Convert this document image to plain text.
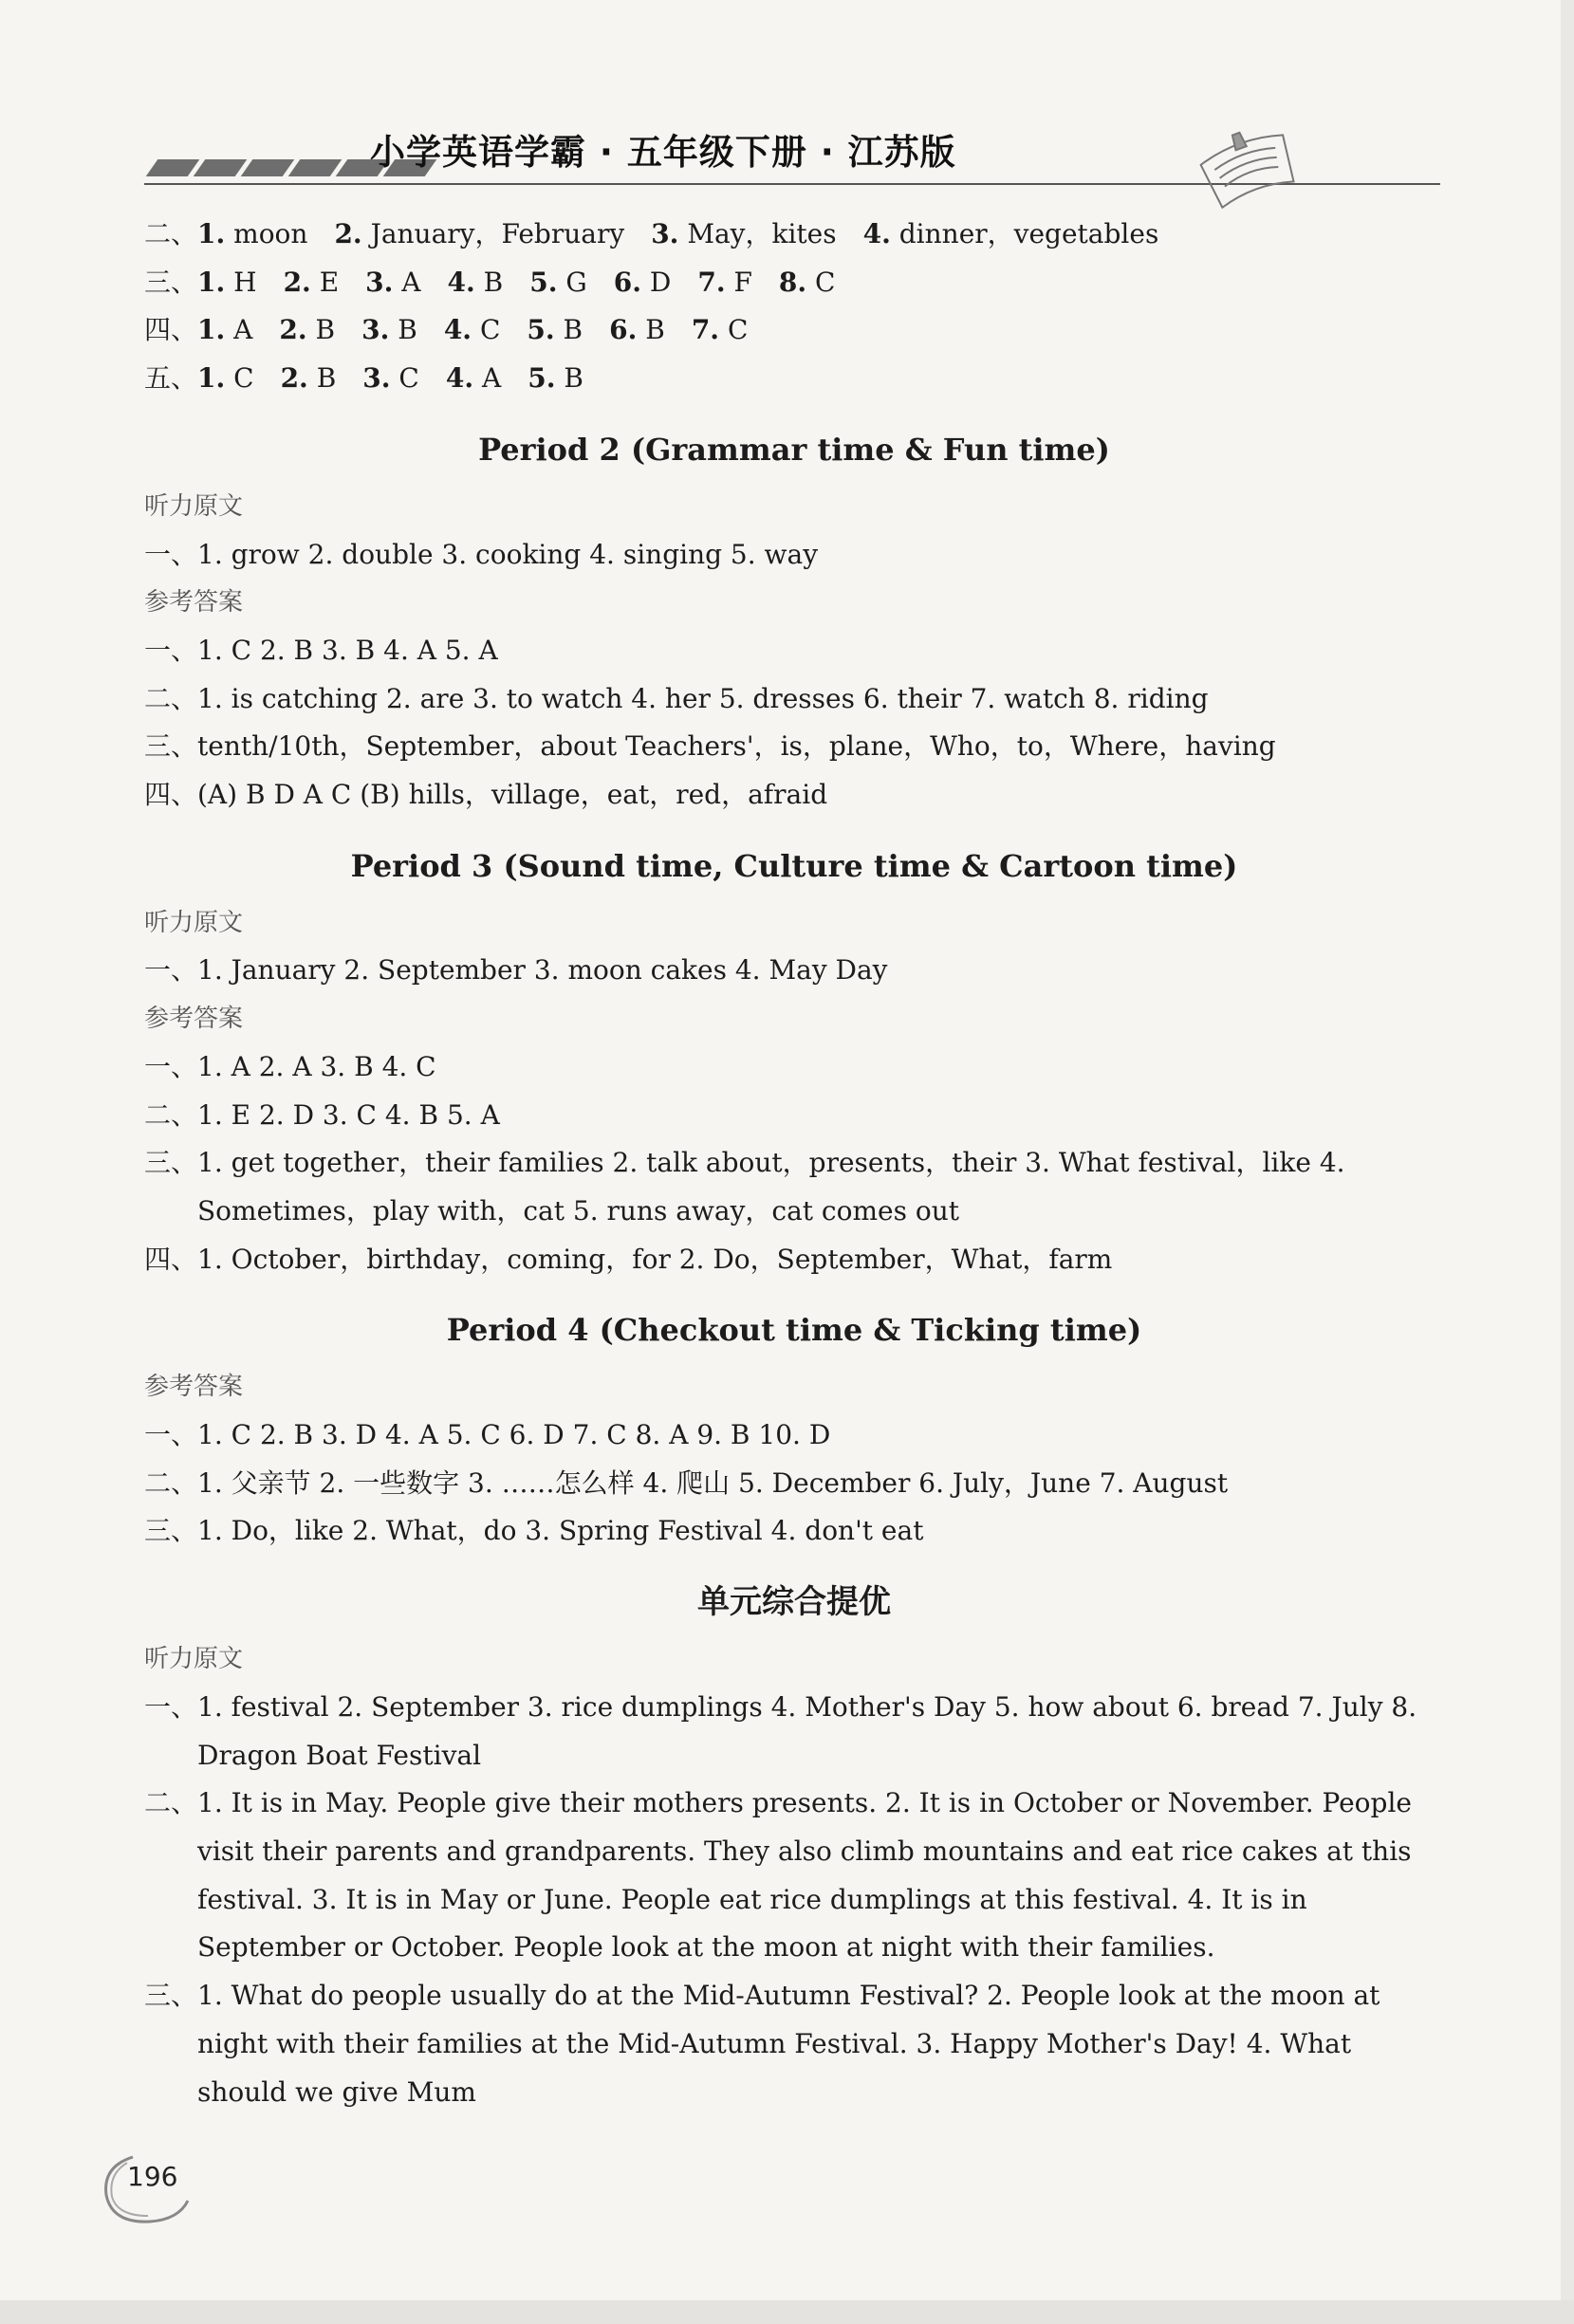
小学英语学霸 · 五年级下册 · 江苏版
二、1. moon 2. January，February 3. May，kites 4. dinner，vegetables
三、1. H 2. E 3. A 4. B 5. G 6. D 7. F 8. C
四、1. A 2. B 3. B 4. C 5. B 6. B 7. C
五、1. C 2. B 3. C 4. A 5. B
Period 2 (Grammar time & Fun time)
听力原文
一、1. grow 2. double 3. cooking 4. singing 5. way
参考答案
一、1. C 2. B 3. B 4. A 5. A
二、1. is catching 2. are 3. to watch 4. her 5. dresses 6. their 7. watch 8. riding
三、tenth/10th，September，about Teachers'，is，plane，Who，to，Where，having
四、(A) B D A C (B) hills，village，eat，red，afraid
Period 3 (Sound time, Culture time & Cartoon time)
听力原文
一、1. January 2. September 3. moon cakes 4. May Day
参考答案
一、1. A 2. A 3. B 4. C
二、1. E 2. D 3. C 4. B 5. A
三、1. get together，their families 2. talk about，presents，their 3. What festival，like 4. Sometimes，play with，cat 5. runs away，cat comes out
四、1. October，birthday，coming，for 2. Do，September，What，farm
Period 4 (Checkout time & Ticking time)
参考答案
一、1. C 2. B 3. D 4. A 5. C 6. D 7. C 8. A 9. B 10. D
二、1. 父亲节 2. 一些数字 3. ……怎么样 4. 爬山 5. December 6. July，June 7. August
三、1. Do，like 2. What，do 3. Spring Festival 4. don't eat
单元综合提优
听力原文
一、1. festival 2. September 3. rice dumplings 4. Mother's Day 5. how about 6. bread 7. July 8. Dragon Boat Festival
二、1. It is in May. People give their mothers presents. 2. It is in October or November. People visit their parents and grandparents. They also climb mountains and eat rice cakes at this festival. 3. It is in May or June. People eat rice dumplings at this festival. 4. It is in September or October. People look at the moon at night with their families.
三、1. What do people usually do at the Mid-Autumn Festival? 2. People look at the moon at night with their families at the Mid-Autumn Festival. 3. Happy Mother's Day! 4. What should we give Mum
196
